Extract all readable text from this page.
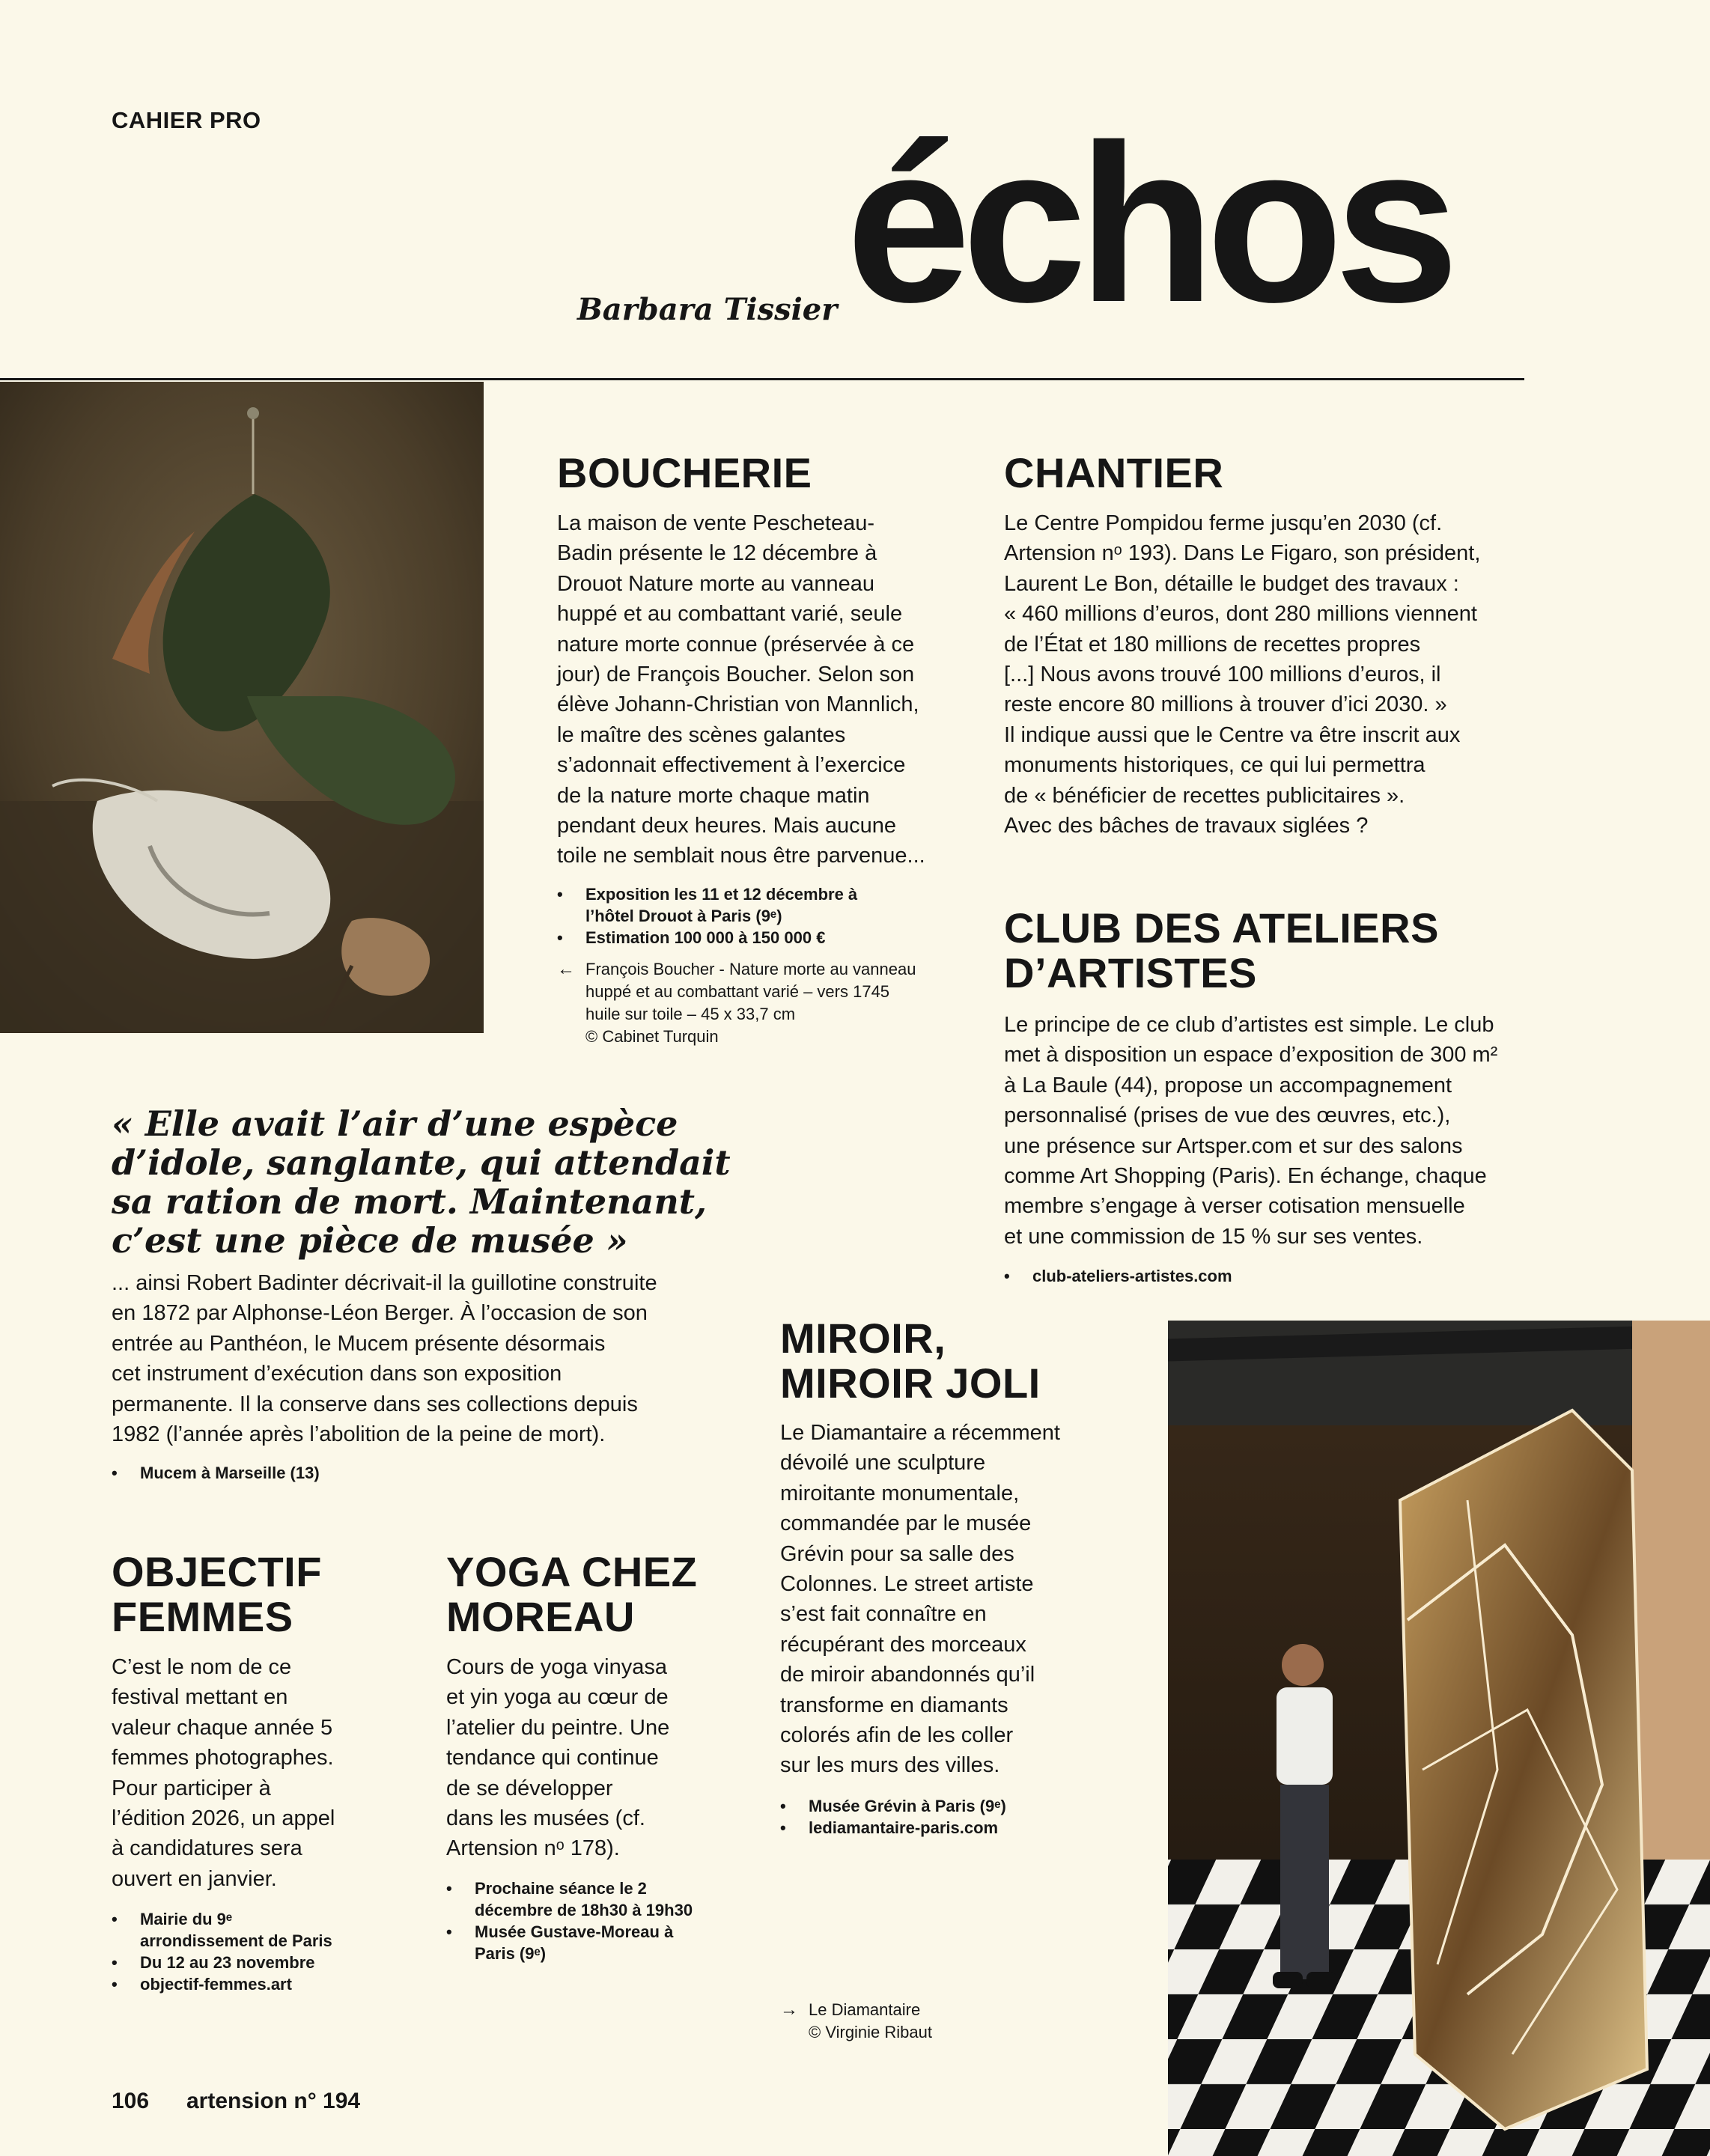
CAHIER PRO
Barbara Tissier échos
BOUCHERIE
La maison de vente Pescheteau-
Badin présente le 12 décembre à
Drouot Nature morte au vanneau
huppé et au combattant varié, seule
nature morte connue (préservée à ce
jour) de François Boucher. Selon son
élève Johann-Christian von Mannlich,
le maître des scènes galantes
s’adonnait effectivement à l’exercice
de la nature morte chaque matin
pendant deux heures. Mais aucune
toile ne semblait nous être parvenue...
• Exposition les 11 et 12 décembre à l’hôtel Drouot à Paris (9ᵉ)
• Estimation 100 000 à 150 000 €
← François Boucher - Nature morte au vanneau
huppé et au combattant varié – vers 1745
huile sur toile – 45 x 33,7 cm
© Cabinet Turquin
CHANTIER
Le Centre Pompidou ferme jusqu’en 2030 (cf.
Artension nᵒ 193). Dans Le Figaro, son président,
Laurent Le Bon, détaille le budget des travaux :
« 460 millions d’euros, dont 280 millions viennent
de l’État et 180 millions de recettes propres
[...] Nous avons trouvé 100 millions d’euros, il
reste encore 80 millions à trouver d’ici 2030. »
Il indique aussi que le Centre va être inscrit aux
monuments historiques, ce qui lui permettra
de « bénéficier de recettes publicitaires ».
Avec des bâches de travaux siglées ?
CLUB DES ATELIERS
D’ARTISTES
Le principe de ce club d’artistes est simple. Le club
met à disposition un espace d’exposition de 300 m²
à La Baule (44), propose un accompagnement
personnalisé (prises de vue des œuvres, etc.),
une présence sur Artsper.com et sur des salons
comme Art Shopping (Paris). En échange, chaque
membre s’engage à verser cotisation mensuelle
et une commission de 15 % sur ses ventes.
• club-ateliers-artistes.com
« Elle avait l’air d’une espèce
d’idole, sanglante, qui attendait
sa ration de mort. Maintenant,
c’est une pièce de musée »
... ainsi Robert Badinter décrivait-il la guillotine construite
en 1872 par Alphonse-Léon Berger. À l’occasion de son
entrée au Panthéon, le Mucem présente désormais
cet instrument d’exécution dans son exposition
permanente. Il la conserve dans ses collections depuis
1982 (l’année après l’abolition de la peine de mort).
• Mucem à Marseille (13)
MIROIR,
MIROIR JOLI
Le Diamantaire a récemment
dévoilé une sculpture
miroitante monumentale,
commandée par le musée
Grévin pour sa salle des
Colonnes. Le street artiste
s’est fait connaître en
récupérant des morceaux
de miroir abandonnés qu’il
transforme en diamants
colorés afin de les coller
sur les murs des villes.
• Musée Grévin à Paris (9ᵉ)
• lediamantaire-paris.com
→ Le Diamantaire
© Virginie Ribaut
OBJECTIF
FEMMES
C’est le nom de ce
festival mettant en
valeur chaque année 5
femmes photographes.
Pour participer à
l’édition 2026, un appel
à candidatures sera
ouvert en janvier.
• Mairie du 9ᵉ arrondissement de Paris
• Du 12 au 23 novembre
• objectif-femmes.art
YOGA CHEZ
MOREAU
Cours de yoga vinyasa
et yin yoga au cœur de
l’atelier du peintre. Une
tendance qui continue
de se développer
dans les musées (cf.
Artension nᵒ 178).
• Prochaine séance le 2 décembre de 18h30 à 19h30
• Musée Gustave-Moreau à Paris (9ᵉ)
106 artension n° 194
